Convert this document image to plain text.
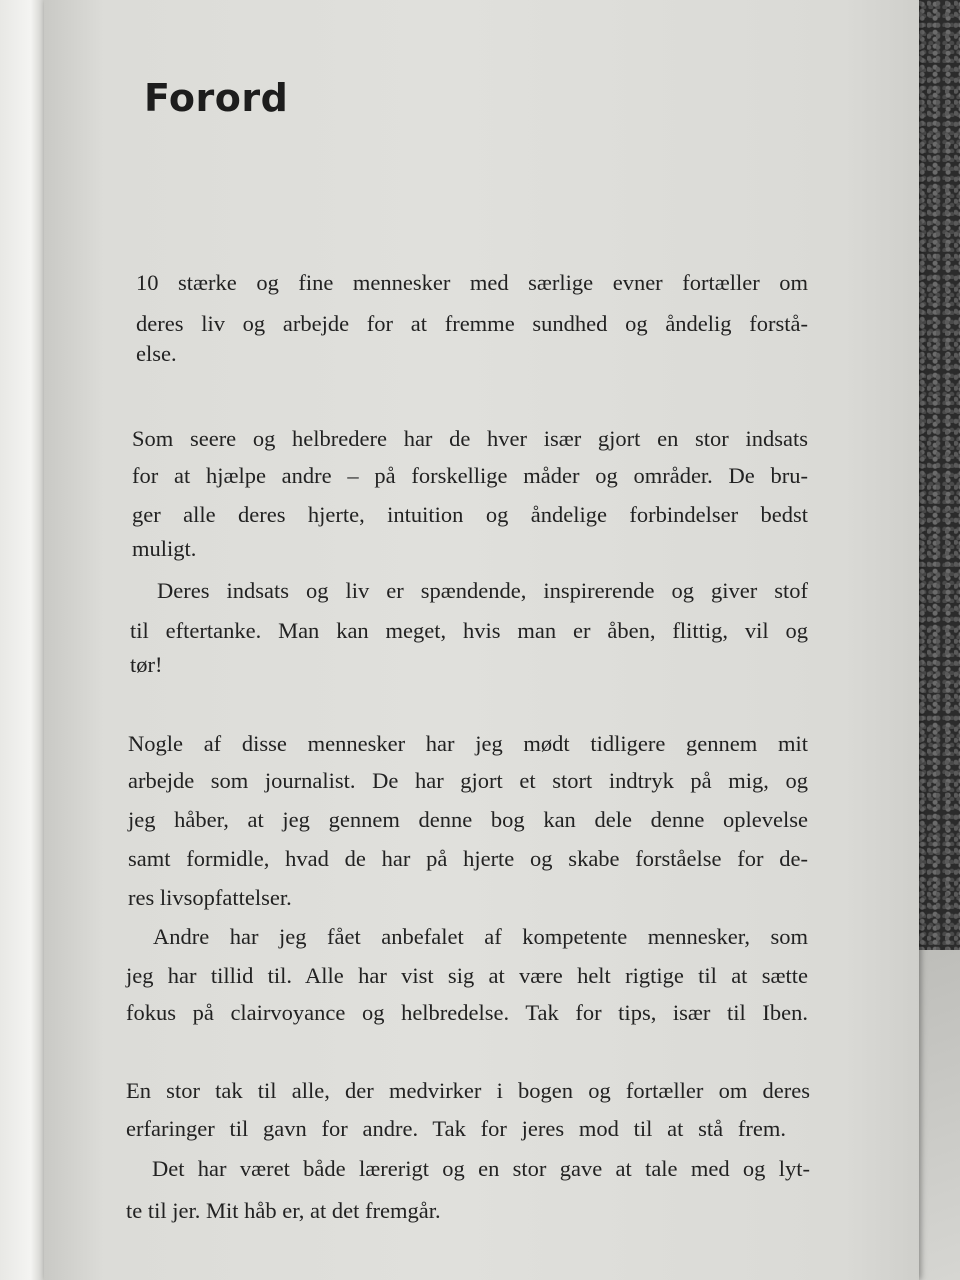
Forord
10 stærke og fine mennesker med særlige evner fortæller om
deres liv og arbejde for at fremme sundhed og åndelig forstå-
else.
Som seere og helbredere har de hver især gjort en stor indsats
for at hjælpe andre – på forskellige måder og områder. De bru-
ger alle deres hjerte, intuition og åndelige forbindelser bedst
muligt.
Deres indsats og liv er spændende, inspirerende og giver stof
til eftertanke. Man kan meget, hvis man er åben, flittig, vil og
tør!
Nogle af disse mennesker har jeg mødt tidligere gennem mit
arbejde som journalist. De har gjort et stort indtryk på mig, og
jeg håber, at jeg gennem denne bog kan dele denne oplevelse
samt formidle, hvad de har på hjerte og skabe forståelse for de-
res livsopfattelser.
Andre har jeg fået anbefalet af kompetente mennesker, som
jeg har tillid til. Alle har vist sig at være helt rigtige til at sætte
fokus på clairvoyance og helbredelse. Tak for tips, især til Iben.
En stor tak til alle, der medvirker i bogen og fortæller om deres
erfaringer til gavn for andre. Tak for jeres mod til at stå frem.
Det har været både lærerigt og en stor gave at tale med og lyt-
te til jer. Mit håb er, at det fremgår.
